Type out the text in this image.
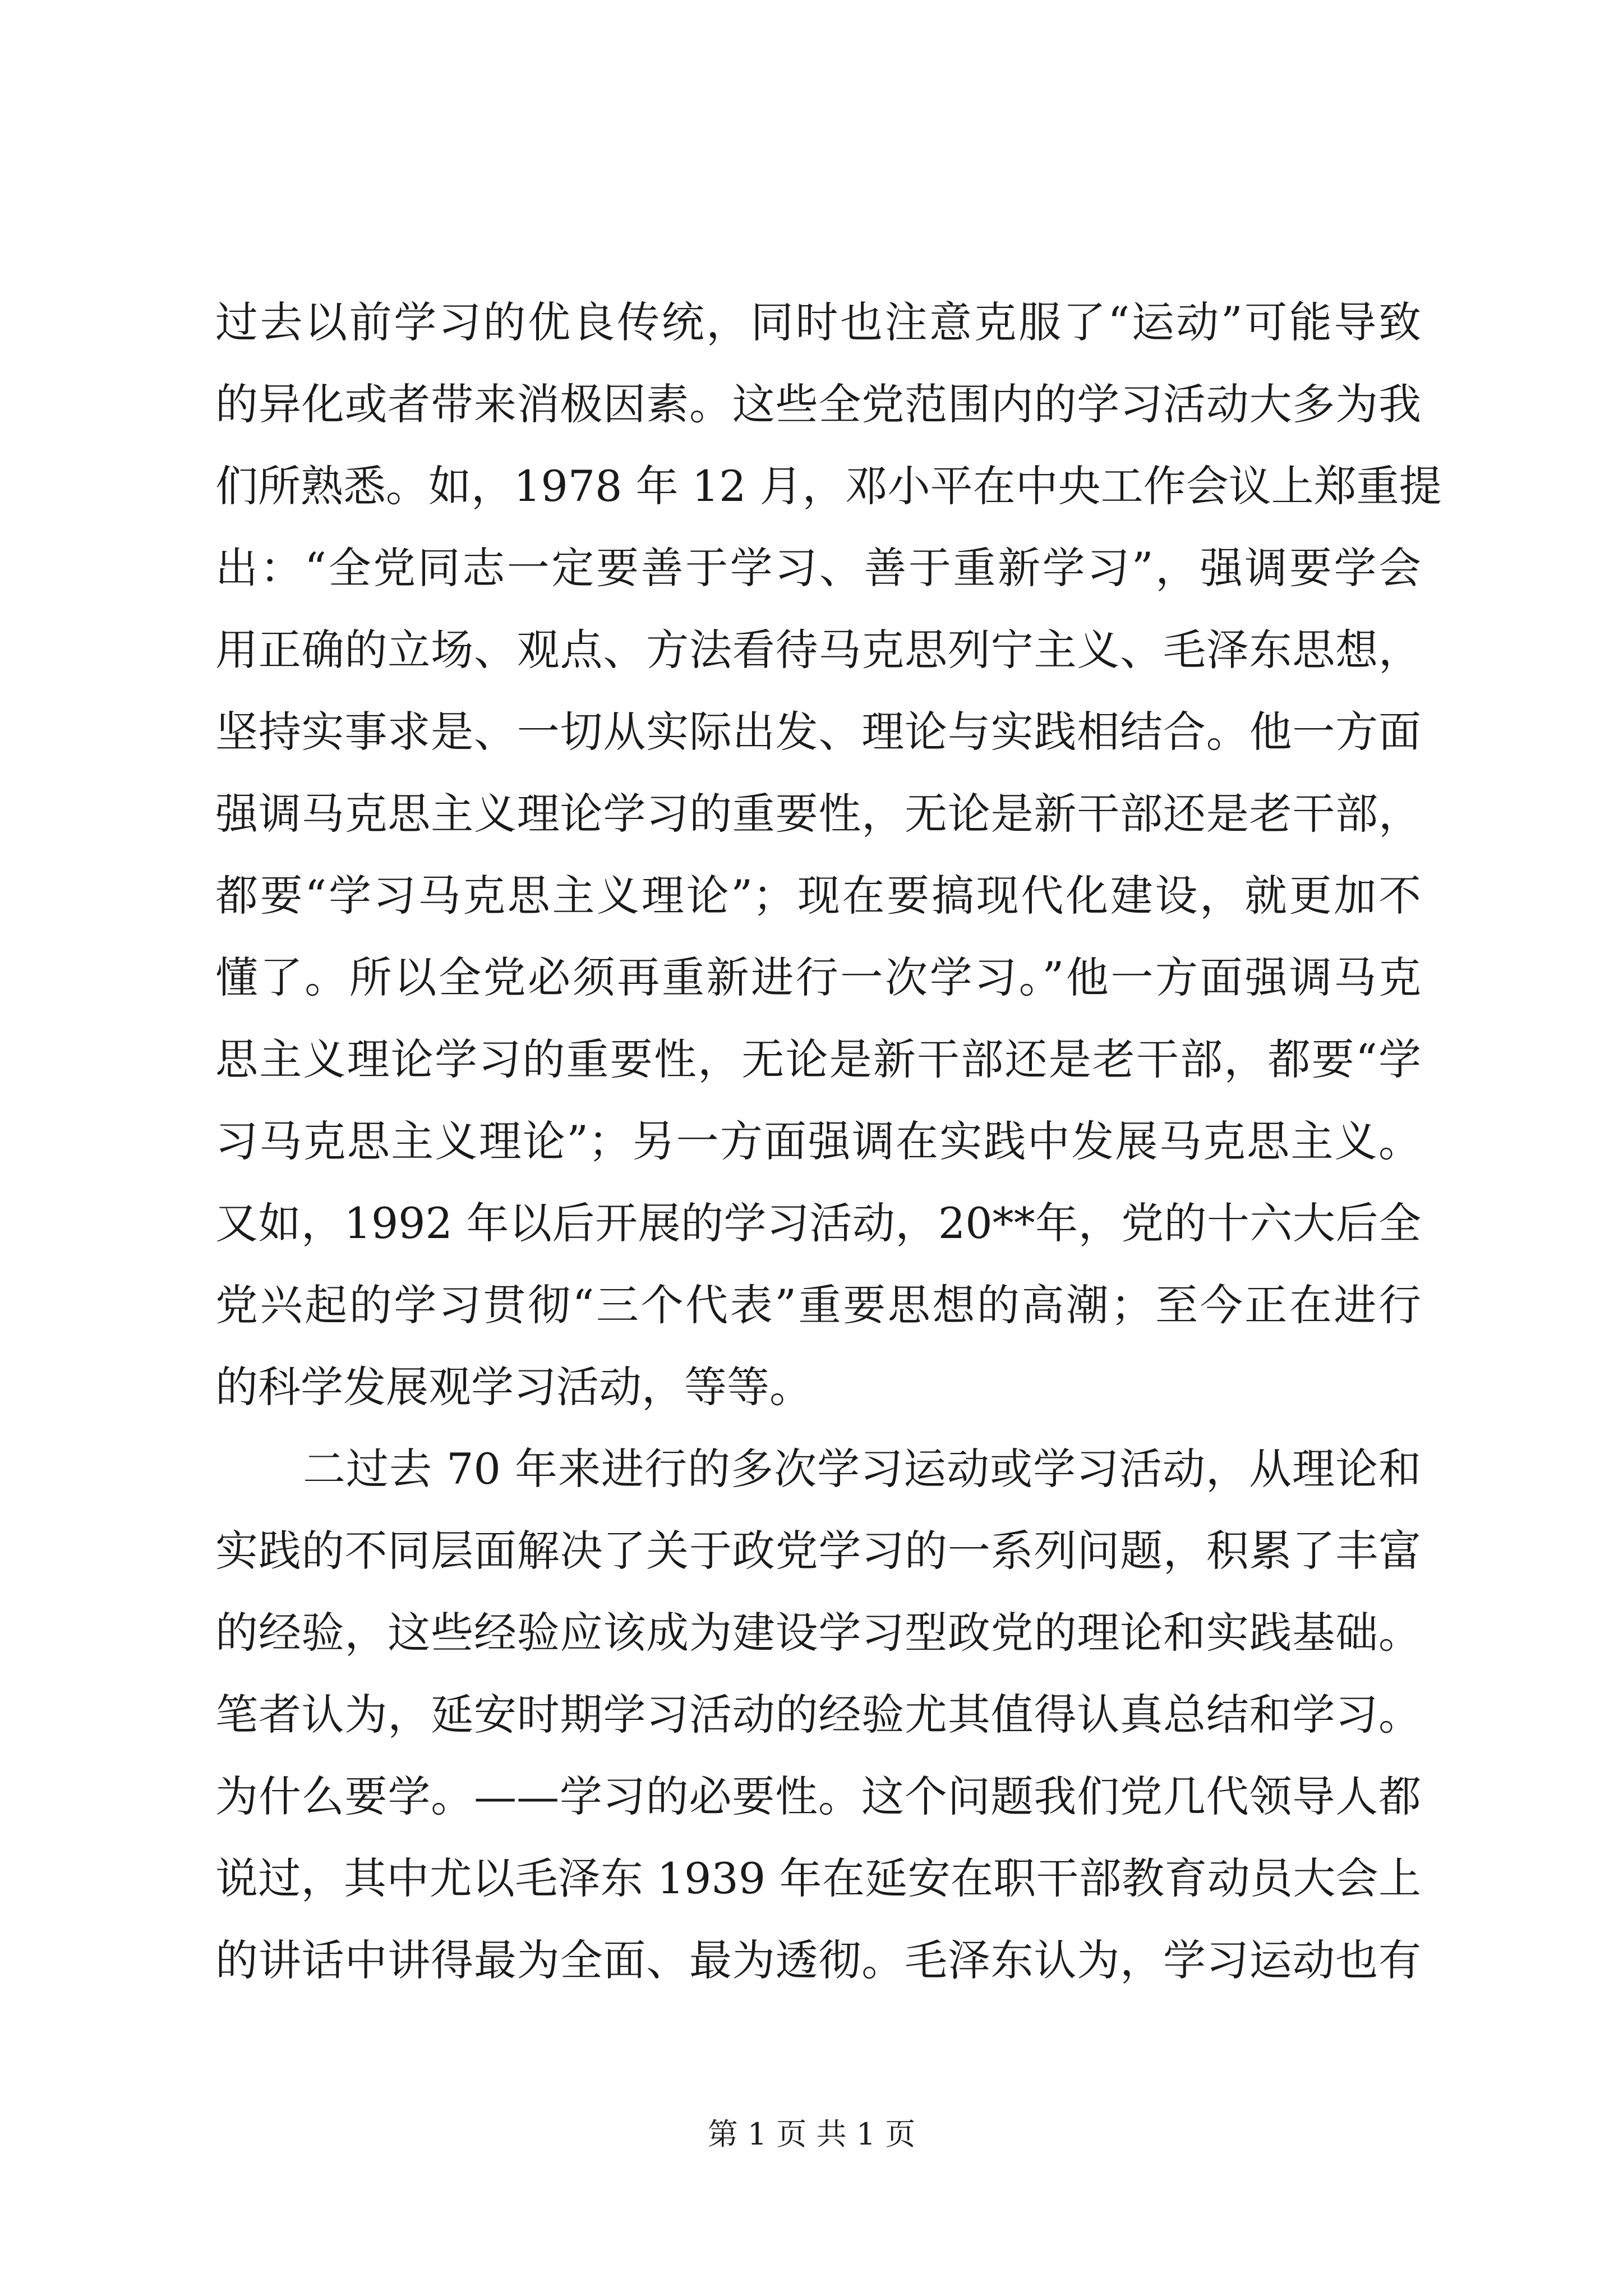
过去以前学习的优良传统，同时也注意克服了“运动”可能导致
的异化或者带来消极因素。这些全党范围内的学习活动大多为我
们所熟悉。如，1978 年 12 月，邓小平在中央工作会议上郑重提
出：“全党同志一定要善于学习、善于重新学习”，强调要学会
用正确的立场、观点、方法看待马克思列宁主义、毛泽东思想，
坚持实事求是、一切从实际出发、理论与实践相结合。他一方面
强调马克思主义理论学习的重要性，无论是新干部还是老干部，
都要“学习马克思主义理论”；现在要搞现代化建设，就更加不
懂了。所以全党必须再重新进行一次学习。”他一方面强调马克
思主义理论学习的重要性，无论是新干部还是老干部，都要“学
习马克思主义理论”；另一方面强调在实践中发展马克思主义。
又如，1992 年以后开展的学习活动，20**年，党的十六大后全
党兴起的学习贯彻“三个代表”重要思想的高潮；至今正在进行
的科学发展观学习活动，等等。
二过去 70 年来进行的多次学习运动或学习活动，从理论和
实践的不同层面解决了关于政党学习的一系列问题，积累了丰富
的经验，这些经验应该成为建设学习型政党的理论和实践基础。
笔者认为，延安时期学习活动的经验尤其值得认真总结和学习。
为什么要学。——学习的必要性。这个问题我们党几代领导人都
说过，其中尤以毛泽东 1939 年在延安在职干部教育动员大会上
的讲话中讲得最为全面、最为透彻。毛泽东认为，学习运动也有
第 1 页 共 1 页
